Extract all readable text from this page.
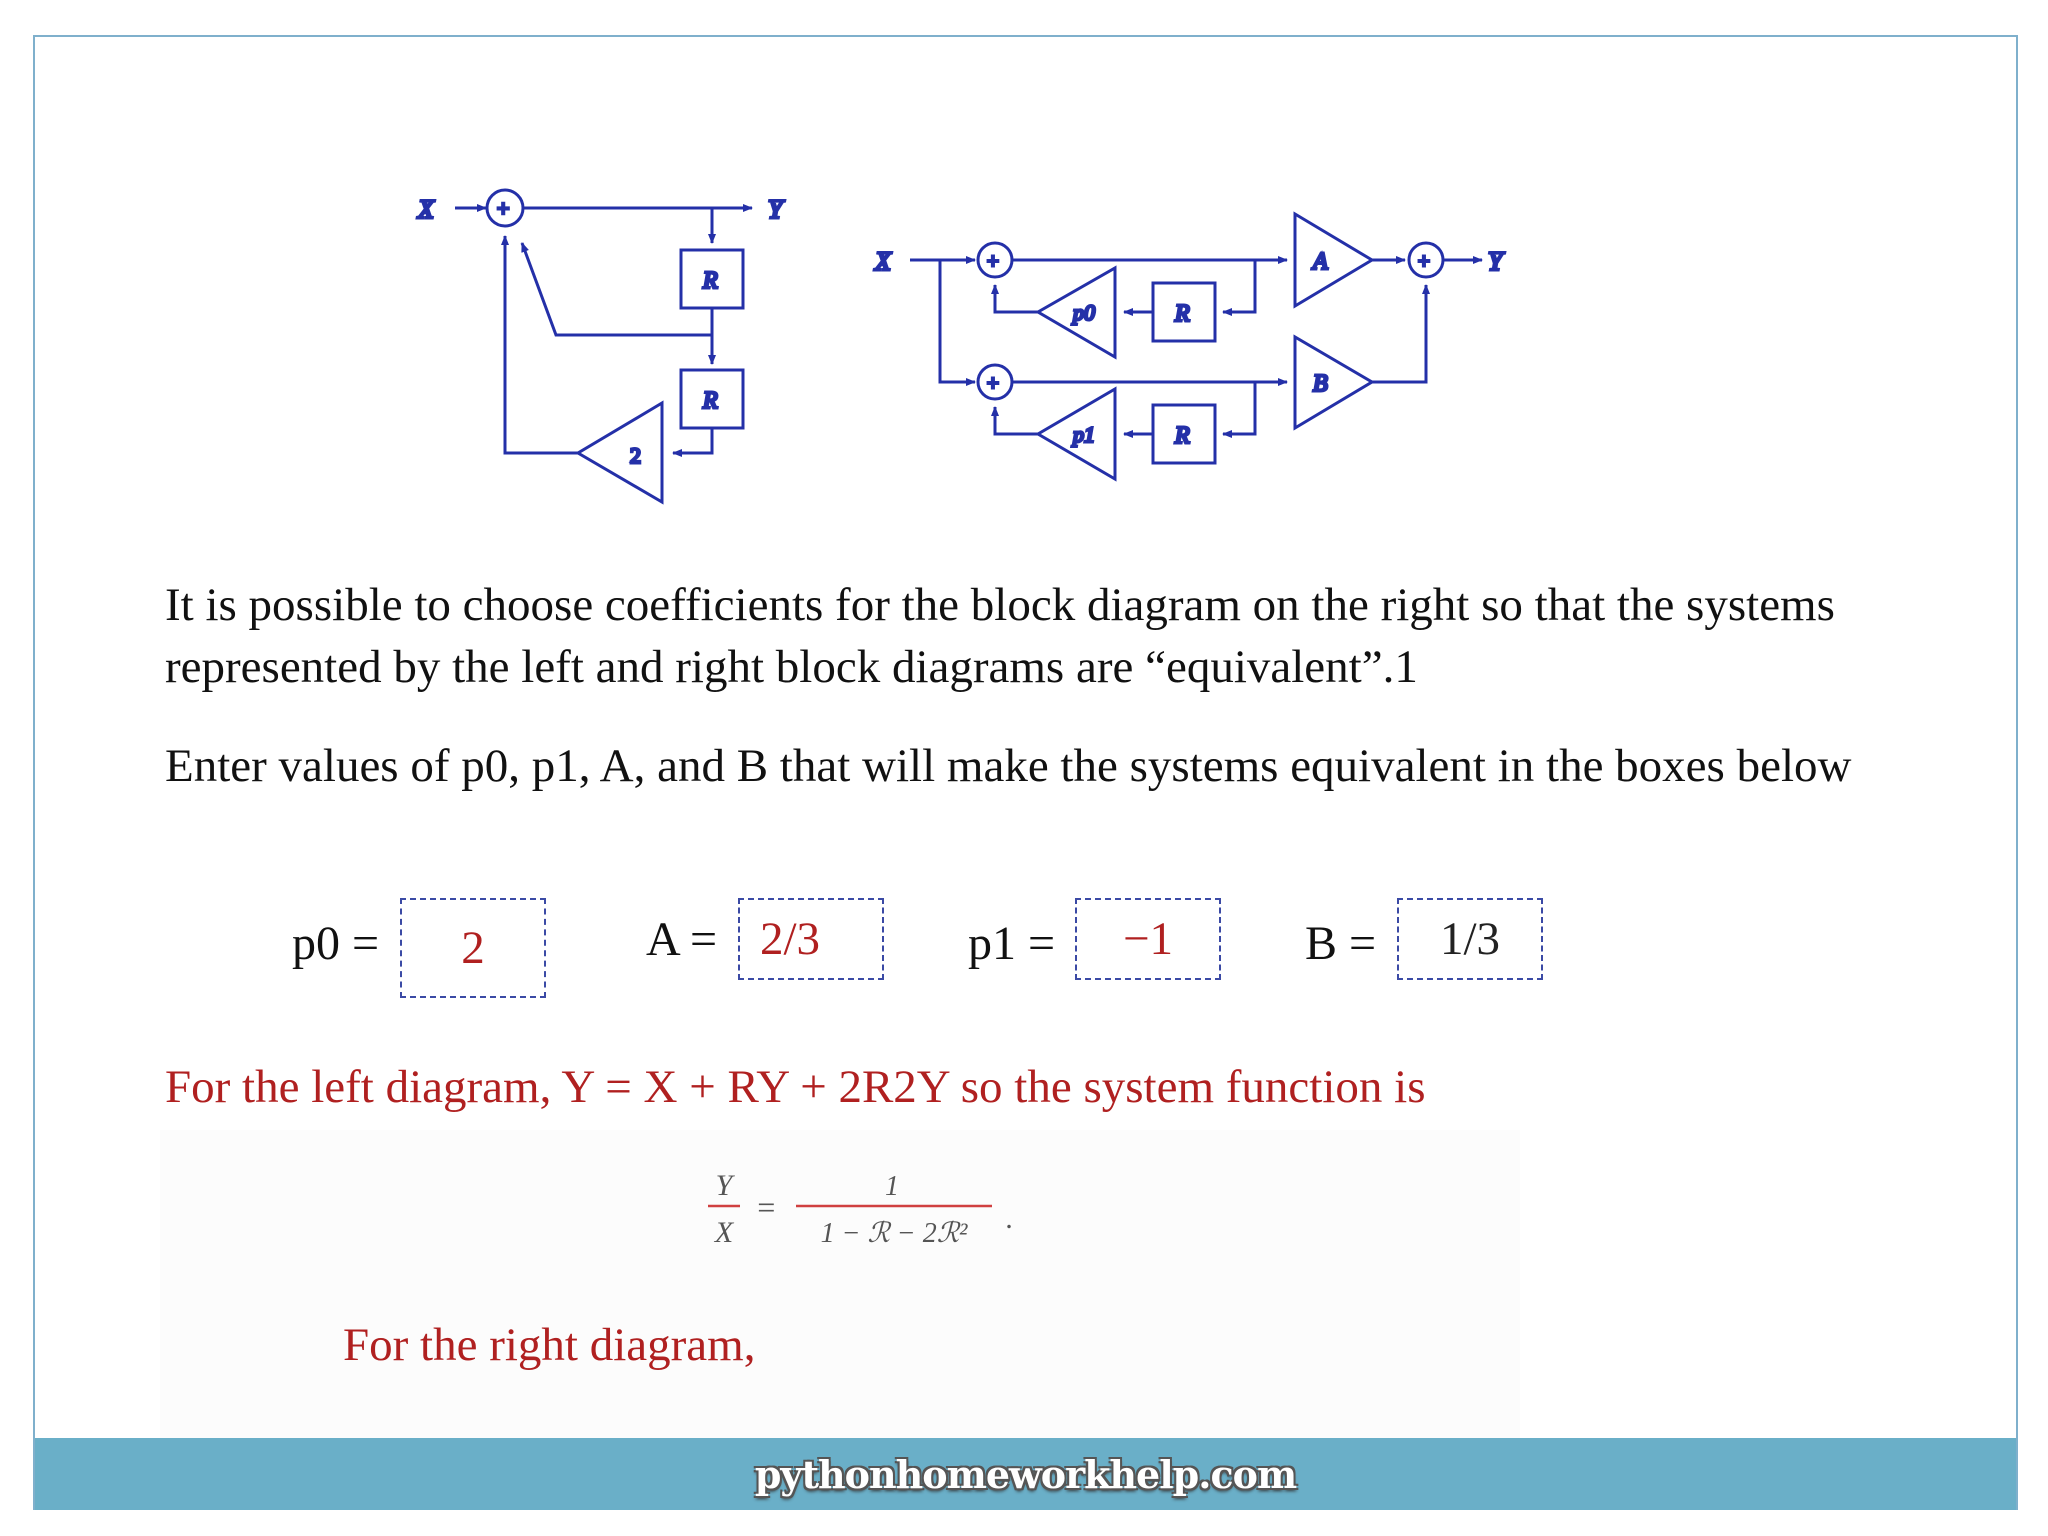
X	Y
+
R
R
2
X	Y
+
+
+
p0
p1
R
R
A
B

It is possible to choose coefficients for the block diagram on the right so that the systems represented by the left and right block diagrams are “equivalent”.1

Enter values of p0, p1, A, and B that will make the systems equivalent in the boxes below

p0 =	2	A = 2/3	p1 =	−1	B =	1/3
For the left diagram, Y = X + RY + 2R2Y so the system function is
Y
X
=
1
1 − ℛ − 2ℛ² .
For the right diagram,
pythonhomeworkhelp.com
